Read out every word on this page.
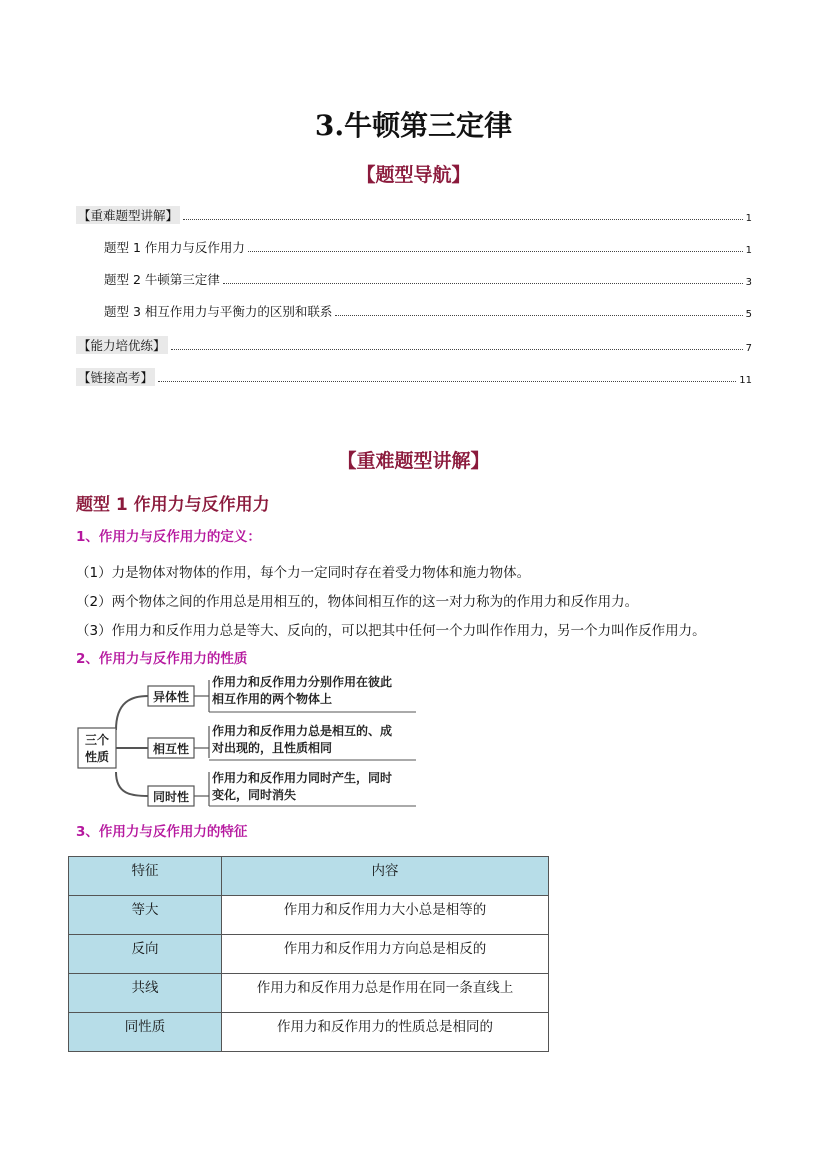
3.牛顿第三定律
【题型导航】
【重难题型讲解】	1
题型 1 作用力与反作用力	1
题型 2 牛顿第三定律	3
题型 3 相互作用力与平衡力的区别和联系	5
【能力培优练】	7
【链接高考】	11
【重难题型讲解】
题型 1 作用力与反作用力
1、作用力与反作用力的定义：
（1）力是物体对物体的作用，每个力一定同时存在着受力物体和施力物体。
（2）两个物体之间的作用总是用相互的，物体间相互作的这一对力称为的作用力和反作用力。
（3）作用力和反作用力总是等大、反向的，可以把其中任何一个力叫作作用力，另一个力叫作反作用力。
2、作用力与反作用力的性质
三个
性质
异体性
作用力和反作用力分别作用在彼此
相互作用的两个物体上
相互性
作用力和反作用力总是相互的、成
对出现的，且性质相同
同时性
作用力和反作用力同时产生，同时
变化，同时消失
3、作用力与反作用力的特征
特征	内容
等大	作用力和反作用力大小总是相等的
反向	作用力和反作用力方向总是相反的
共线	作用力和反作用力总是作用在同一条直线上
同性质	作用力和反作用力的性质总是相同的
